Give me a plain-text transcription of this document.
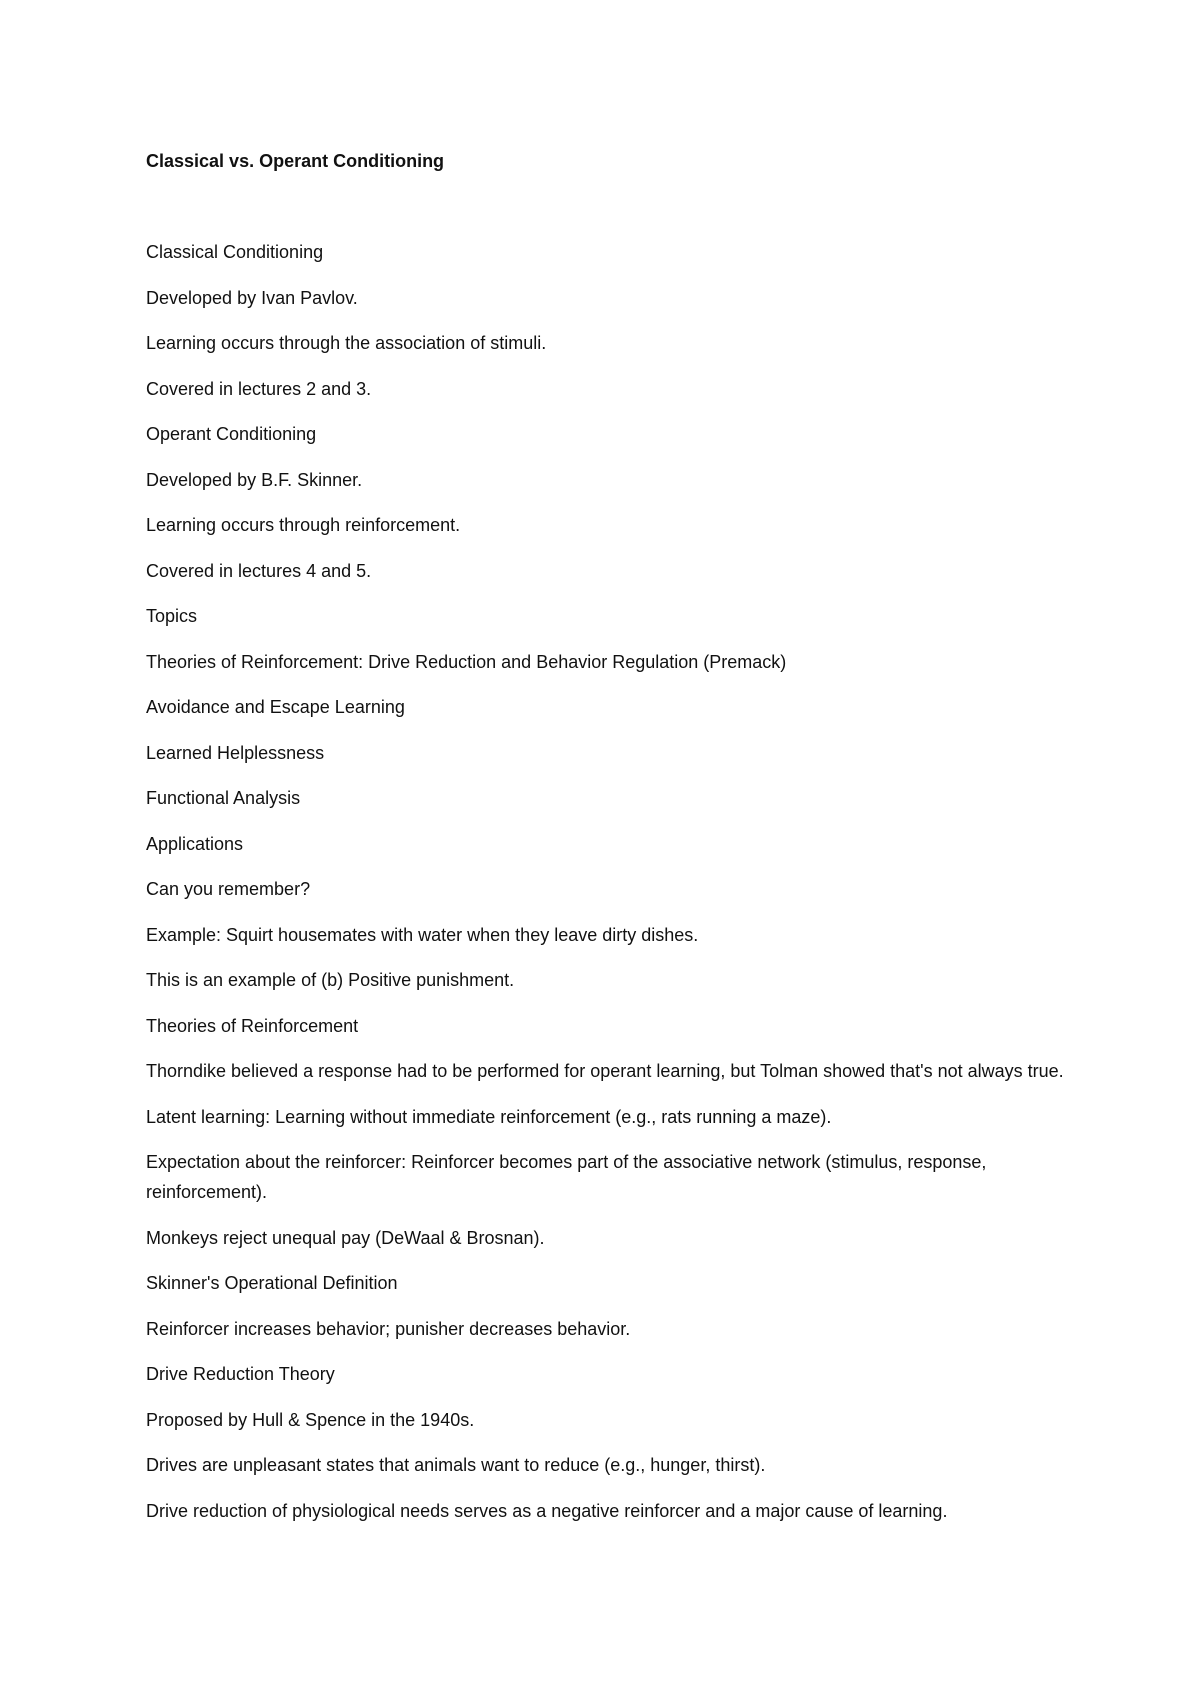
Classical vs. Operant Conditioning

Classical Conditioning

Developed by Ivan Pavlov.

Learning occurs through the association of stimuli.

Covered in lectures 2 and 3.

Operant Conditioning

Developed by B.F. Skinner.

Learning occurs through reinforcement.

Covered in lectures 4 and 5.

Topics

Theories of Reinforcement: Drive Reduction and Behavior Regulation (Premack)

Avoidance and Escape Learning

Learned Helplessness

Functional Analysis

Applications

Can you remember?

Example: Squirt housemates with water when they leave dirty dishes.

This is an example of (b) Positive punishment.

Theories of Reinforcement

Thorndike believed a response had to be performed for operant learning, but Tolman showed that's not always true.

Latent learning: Learning without immediate reinforcement (e.g., rats running a maze).

Expectation about the reinforcer: Reinforcer becomes part of the associative network (stimulus, response, reinforcement).

Monkeys reject unequal pay (DeWaal & Brosnan).

Skinner's Operational Definition

Reinforcer increases behavior; punisher decreases behavior.

Drive Reduction Theory

Proposed by Hull & Spence in the 1940s.

Drives are unpleasant states that animals want to reduce (e.g., hunger, thirst).

Drive reduction of physiological needs serves as a negative reinforcer and a major cause of learning.
